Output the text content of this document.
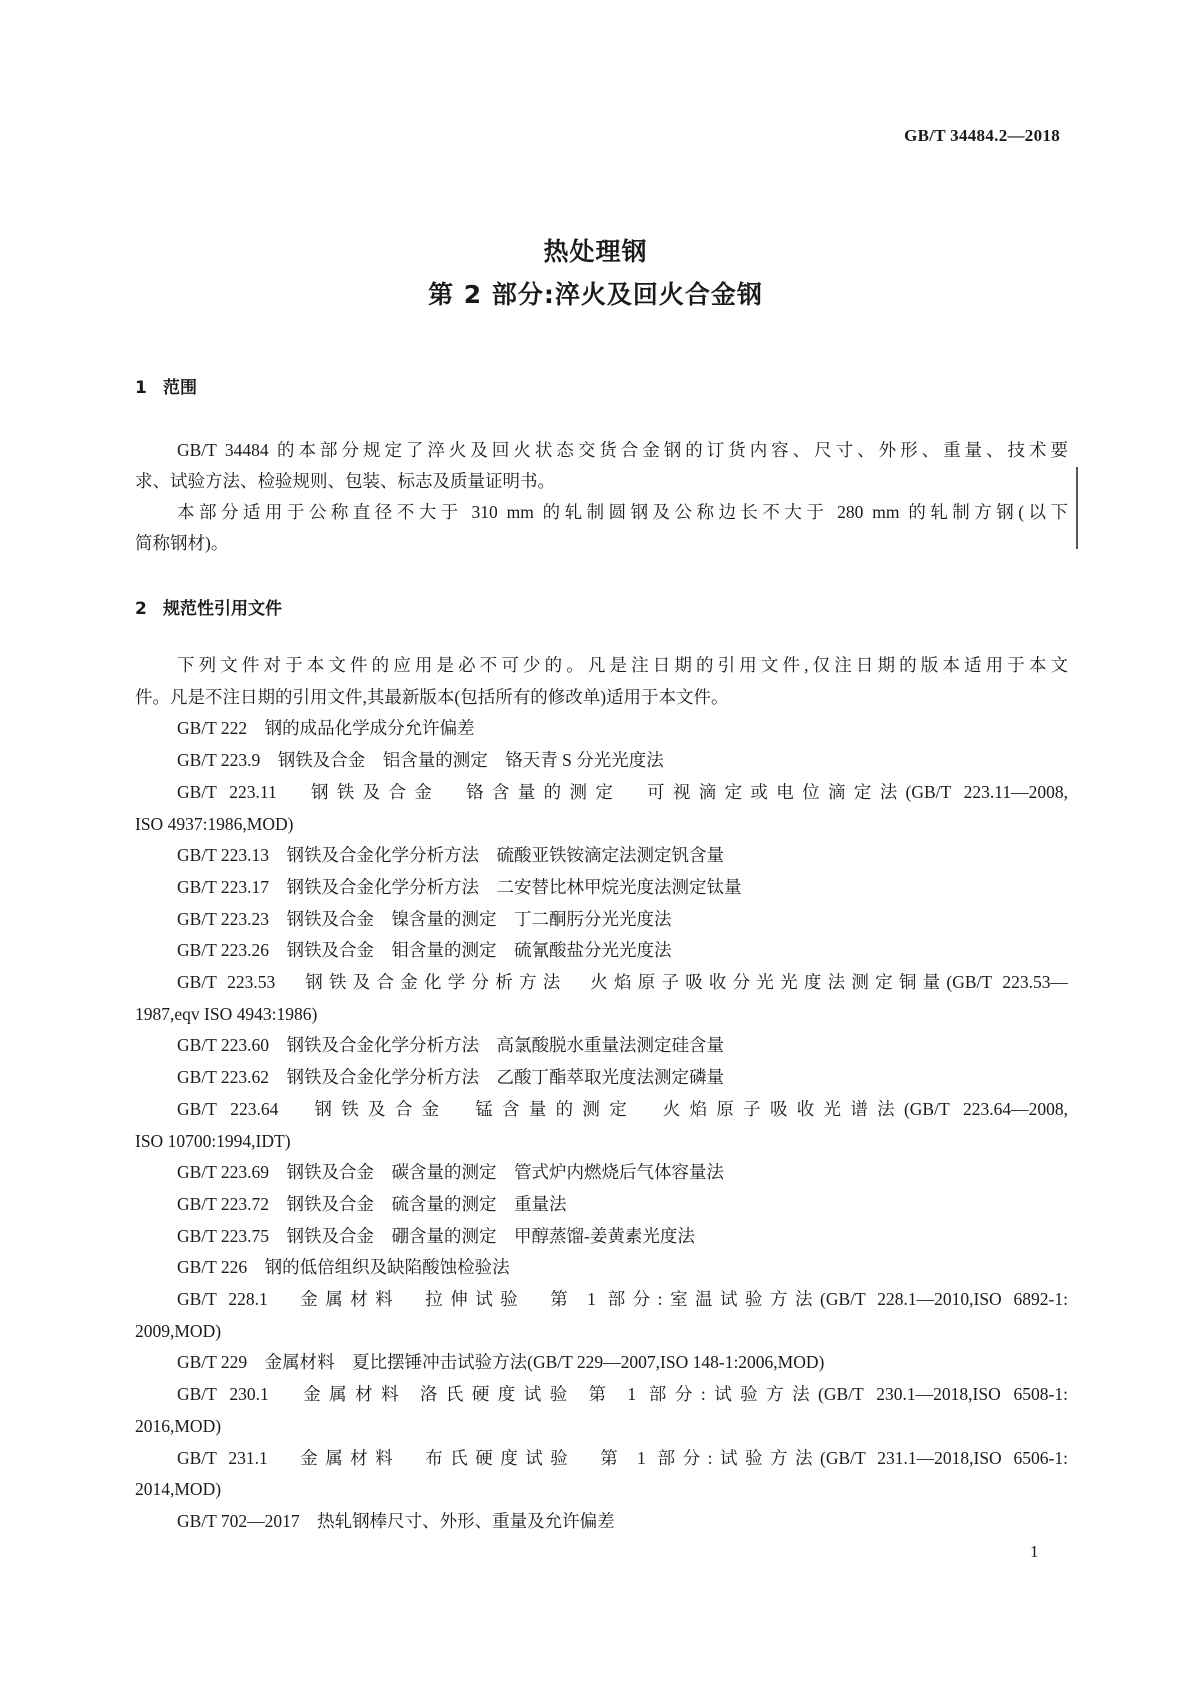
GB/T 34484.2—2018
热处理钢
第 2 部分:淬火及回火合金钢
1 范围
GB/T 34484 的本部分规定了淬火及回火状态交货合金钢的订货内容、尺寸、外形、重量、技术要
求、试验方法、检验规则、包装、标志及质量证明书。
本部分适用于公称直径不大于 310 mm 的轧制圆钢及公称边长不大于 280 mm 的轧制方钢(以下
简称钢材)。
2 规范性引用文件
下列文件对于本文件的应用是必不可少的。凡是注日期的引用文件,仅注日期的版本适用于本文
件。凡是不注日期的引用文件,其最新版本(包括所有的修改单)适用于本文件。
GB/T 222　钢的成品化学成分允许偏差
GB/T 223.9　钢铁及合金　铝含量的测定　铬天青 S 分光光度法
GB/T 223.11　钢铁及合金　铬含量的测定　可视滴定或电位滴定法(GB/T 223.11—2008,
ISO 4937:1986,MOD)
GB/T 223.13　钢铁及合金化学分析方法　硫酸亚铁铵滴定法测定钒含量
GB/T 223.17　钢铁及合金化学分析方法　二安替比林甲烷光度法测定钛量
GB/T 223.23　钢铁及合金　镍含量的测定　丁二酮肟分光光度法
GB/T 223.26　钢铁及合金　钼含量的测定　硫氰酸盐分光光度法
GB/T 223.53　钢铁及合金化学分析方法　火焰原子吸收分光光度法测定铜量(GB/T 223.53—
1987,eqv ISO 4943:1986)
GB/T 223.60　钢铁及合金化学分析方法　高氯酸脱水重量法测定硅含量
GB/T 223.62　钢铁及合金化学分析方法　乙酸丁酯萃取光度法测定磷量
GB/T 223.64　钢铁及合金　锰含量的测定　火焰原子吸收光谱法(GB/T 223.64—2008,
ISO 10700:1994,IDT)
GB/T 223.69　钢铁及合金　碳含量的测定　管式炉内燃烧后气体容量法
GB/T 223.72　钢铁及合金　硫含量的测定　重量法
GB/T 223.75　钢铁及合金　硼含量的测定　甲醇蒸馏-姜黄素光度法
GB/T 226　钢的低倍组织及缺陷酸蚀检验法
GB/T 228.1　金属材料　拉伸试验　第 1 部分:室温试验方法(GB/T 228.1—2010,ISO 6892-1:
2009,MOD)
GB/T 229　金属材料　夏比摆锤冲击试验方法(GB/T 229—2007,ISO 148-1:2006,MOD)
GB/T 230.1　金属材料 洛氏硬度试验 第 1 部分:试验方法(GB/T 230.1—2018,ISO 6508-1:
2016,MOD)
GB/T 231.1　金属材料　布氏硬度试验　第 1 部分:试验方法(GB/T 231.1—2018,ISO 6506-1:
2014,MOD)
GB/T 702—2017　热轧钢棒尺寸、外形、重量及允许偏差
1
